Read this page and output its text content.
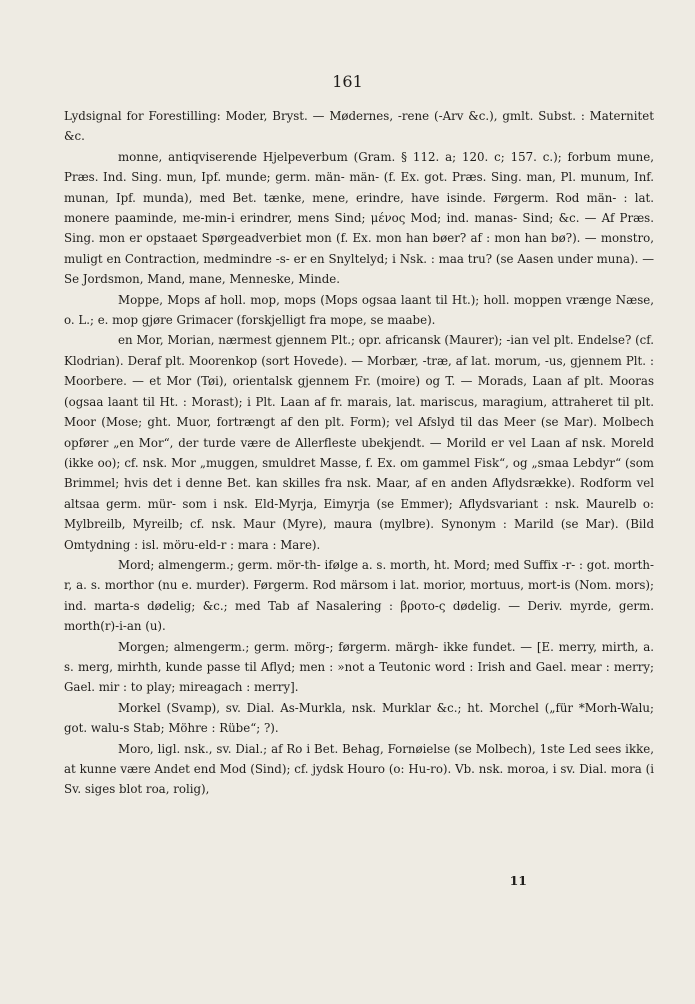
161

Lydsignal for Forestilling: Moder, Bryst. — Mødernes, -rene (-Arv &c.), gmlt. Subst. : Maternitet &c.

monne, antiqviserende Hjelpeverbum (Gram. § 112. a; 120. c; 157. c.); forbum mune, Præs. Ind. Sing. mun, Ipf. munde; germ. män- män- (f. Ex. got. Præs. Sing. man, Pl. munum, Inf. munan, Ipf. munda), med Bet. tænke, mene, erindre, have isinde. Førgerm. Rod män- : lat. monere paaminde, me-min-i erindrer, mens Sind; μένος Mod; ind. manas- Sind; &c. — Af Præs. Sing. mon er opstaaet Spørgeadverbiet mon (f. Ex. mon han bøer? af : mon han bø?). — monstro, muligt en Contraction, medmindre -s- er en Snyltelyd; i Nsk. : maa tru? (se Aasen under muna). — Se Jordsmon, Mand, mane, Menneske, Minde.

Moppe, Mops af holl. mop, mops (Mops ogsaa laant til Ht.); holl. moppen vrænge Næse, o. L.; e. mop gjøre Grimacer (forskjelligt fra mope, se maabe).

en Mor, Morian, nærmest gjennem Plt.; opr. africansk (Maurer); -ian vel plt. Endelse? (cf. Klodrian). Deraf plt. Moorenkop (sort Hovede). — Morbær, -træ, af lat. morum, -us, gjennem Plt. : Moorbere. — et Mor (Tøi), orientalsk gjennem Fr. (moire) og T. — Morads, Laan af plt. Mooras (ogsaa laant til Ht. : Morast); i Plt. Laan af fr. marais, lat. mariscus, maragium, attraheret til plt. Moor (Mose; ght. Muor, fortrængt af den plt. Form); vel Afslyd til das Meer (se Mar). Molbech opfører „en Mor“, der turde være de Allerfleste ubekjendt. — Morild er vel Laan af nsk. Moreld (ikke oo); cf. nsk. Mor „muggen, smuldret Masse, f. Ex. om gammel Fisk“, og „smaa Lebdyr“ (som Brimmel; hvis det i denne Bet. kan skilles fra nsk. Maar, af en anden Aflydsrække). Rodform vel altsaa germ. mür- som i nsk. Eld-Myrja, Eimyrja (se Emmer); Aflydsvariant : nsk. Maurelb o: Mylbreilb, Myreilb; cf. nsk. Maur (Myre), maura (mylbre). Synonym : Marild (se Mar). (Bild Omtydning : isl. möru-eld-r : mara : Mare).

Mord; almengerm.; germ. mör-th- ifølge a. s. morth, ht. Mord; med Suffix -r- : got. morth-r, a. s. morthor (nu e. murder). Førgerm. Rod märsom i lat. morior, mortuus, mort-is (Nom. mors); ind. marta-s dødelig; &c.; med Tab af Nasalering : βροτο-ς dødelig. — Deriv. myrde, germ. morth(r)-i-an (u).

Morgen; almengerm.; germ. mörg-; førgerm. märgh- ikke fundet. — [E. merry, mirth, a. s. merg, mirhth, kunde passe til Aflyd; men : »not a Teutonic word : Irish and Gael. mear : merry; Gael. mir : to play; mireagach : merry].

Morkel (Svamp), sv. Dial. As-Murkla, nsk. Murklar &c.; ht. Morchel („für *Morh-Walu; got. walu-s Stab; Möhre : Rübe“; ?).

Moro, ligl. nsk., sv. Dial.; af Ro i Bet. Behag, Fornøielse (se Molbech), 1ste Led sees ikke, at kunne være Andet end Mod (Sind); cf. jydsk Houro (o: Hu-ro). Vb. nsk. moroa, i sv. Dial. mora (i Sv. siges blot roa, rolig),

11
